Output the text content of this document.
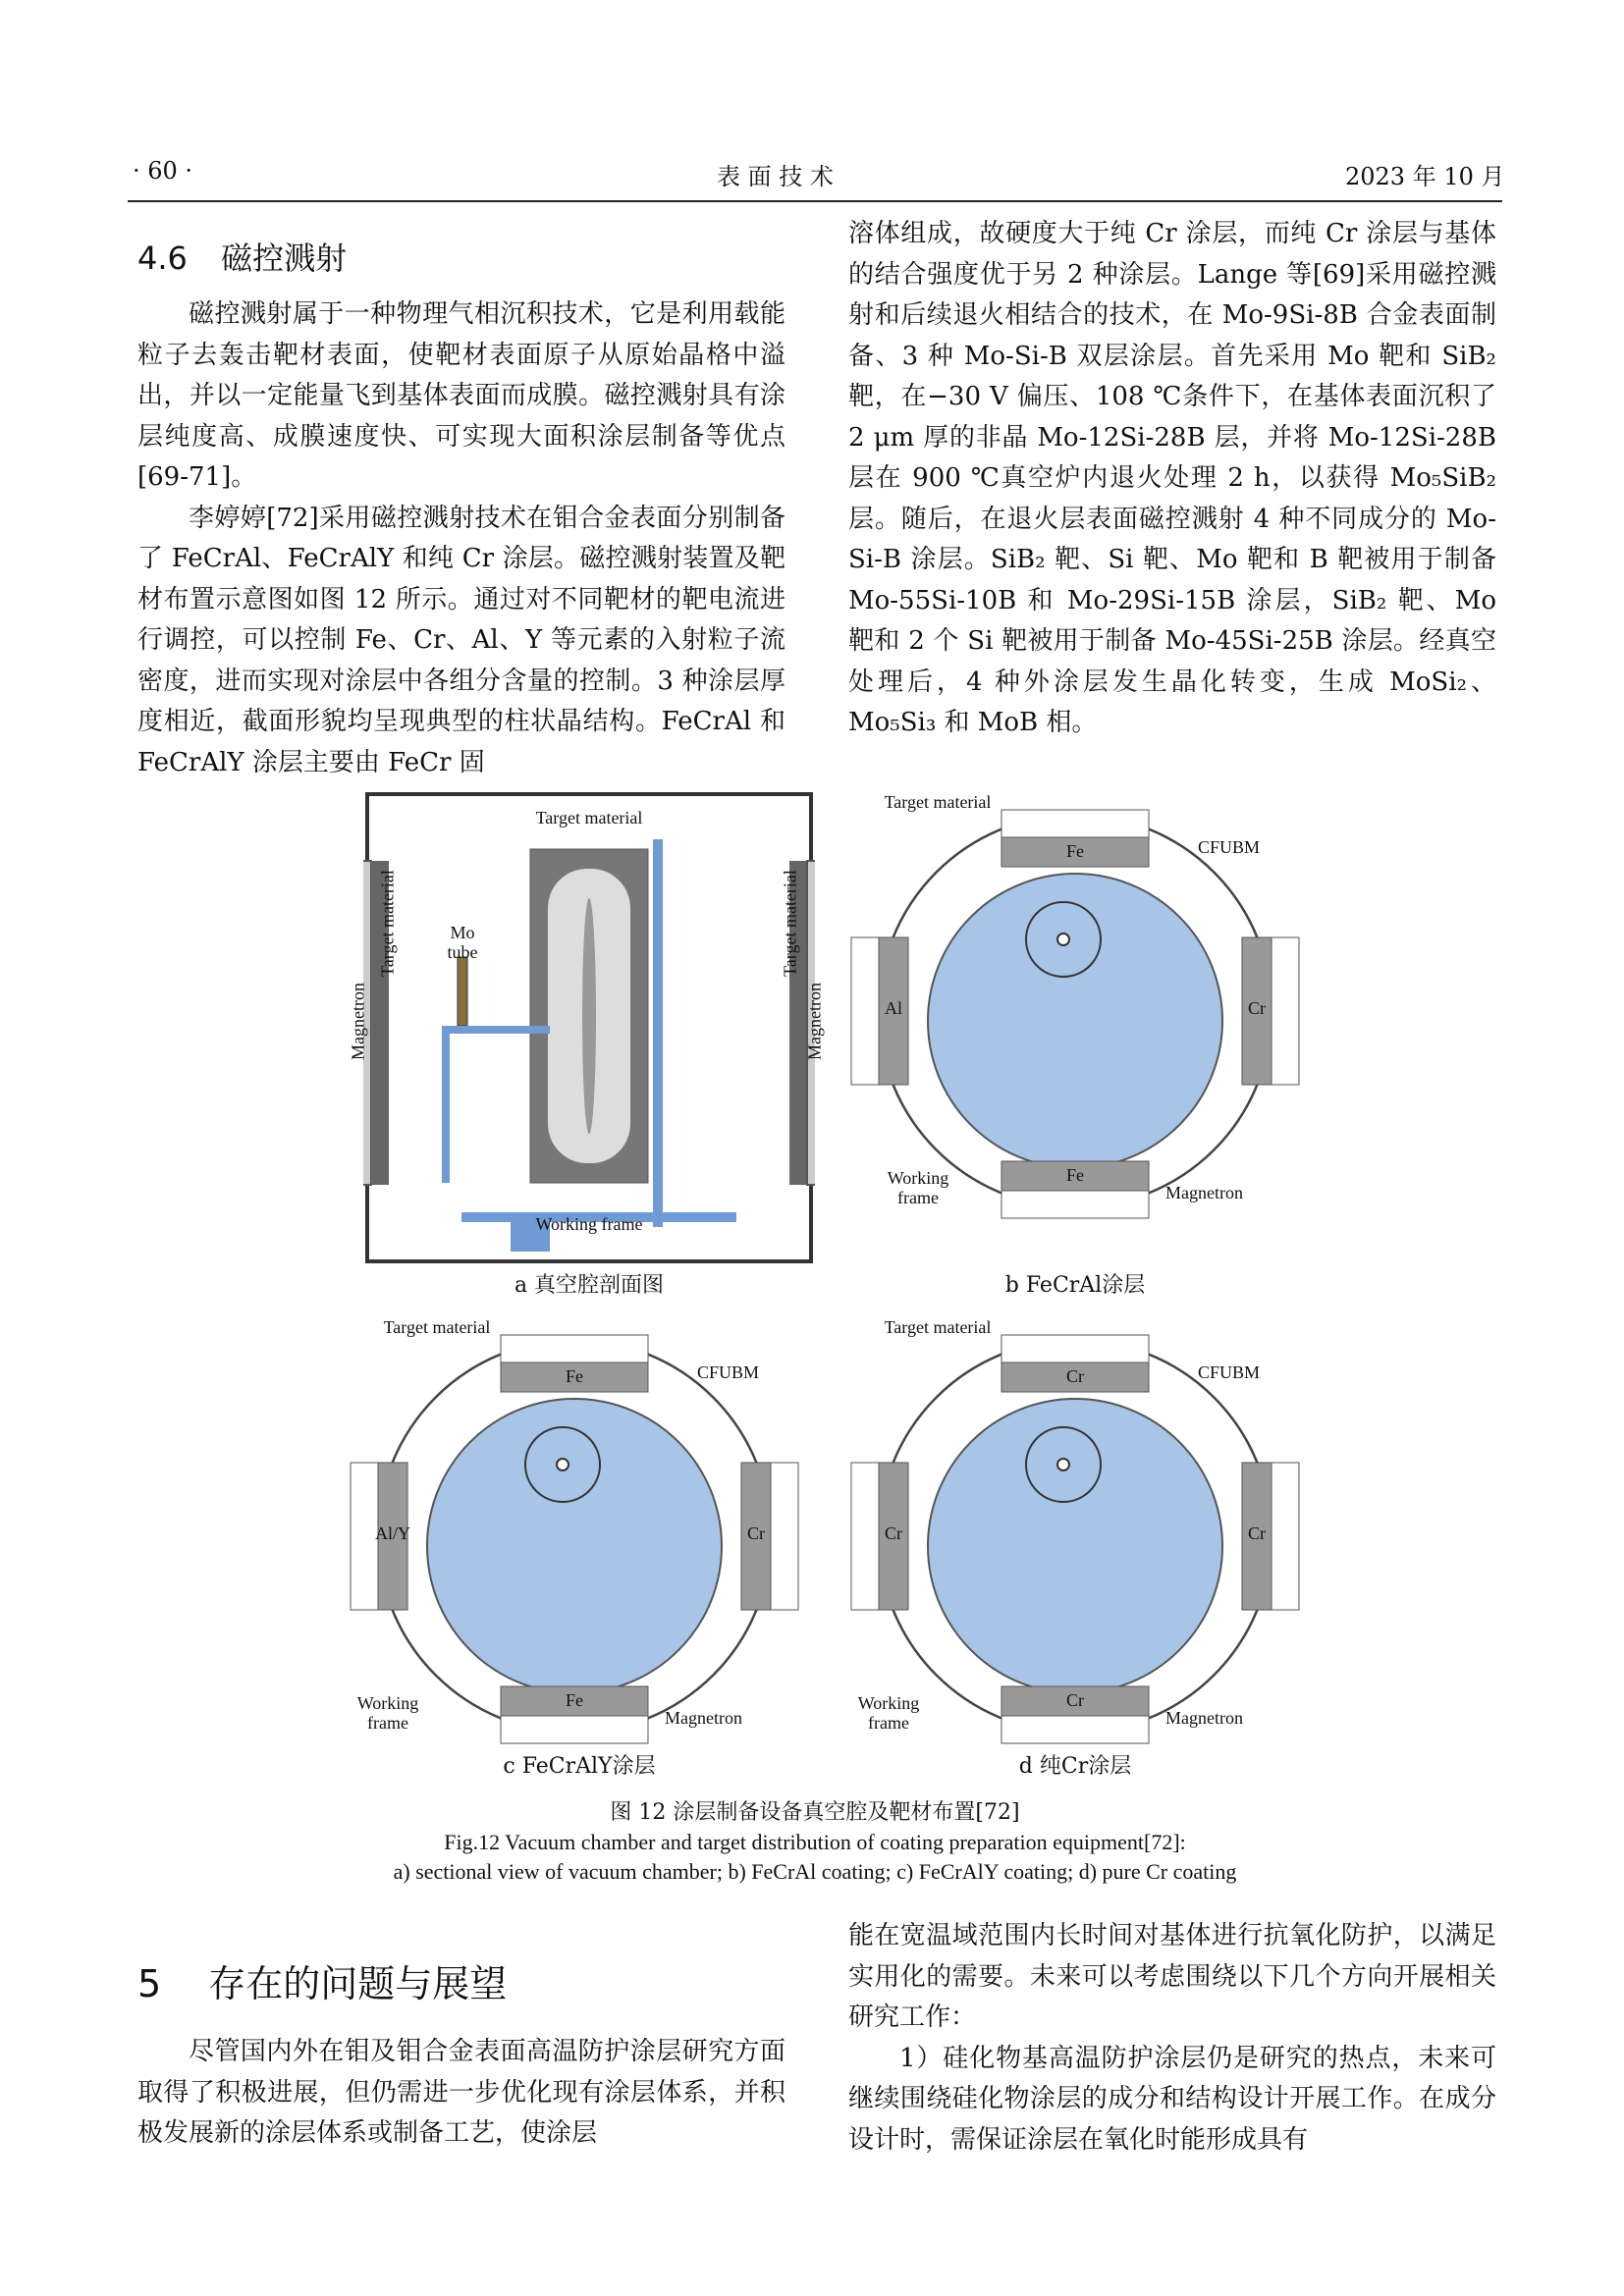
· 60 ·	表 面 技 术	2023 年 10 月
4.6 磁控溅射

磁控溅射属于一种物理气相沉积技术，它是利用载能粒子去轰击靶材表面，使靶材表面原子从原始晶格中溢出，并以一定能量飞到基体表面而成膜。磁控溅射具有涂层纯度高、成膜速度快、可实现大面积涂层制备等优点[69-71]。

李婷婷[72]采用磁控溅射技术在钼合金表面分别制备了 FeCrAl、FeCrAlY 和纯 Cr 涂层。磁控溅射装置及靶材布置示意图如图 12 所示。通过对不同靶材的靶电流进行调控，可以控制 Fe、Cr、Al、Y 等元素的入射粒子流密度，进而实现对涂层中各组分含量的控制。3 种涂层厚度相近，截面形貌均呈现典型的柱状晶结构。FeCrAl 和 FeCrAlY 涂层主要由 FeCr 固

溶体组成，故硬度大于纯 Cr 涂层，而纯 Cr 涂层与基体的结合强度优于另 2 种涂层。Lange 等[69]采用磁控溅射和后续退火相结合的技术，在 Mo-9Si-8B 合金表面制备、3 种 Mo-Si-B 双层涂层。首先采用 Mo 靶和 SiB₂ 靶，在−30 V 偏压、108 ℃条件下，在基体表面沉积了 2 μm 厚的非晶 Mo-12Si-28B 层，并将 Mo-12Si-28B 层在 900 ℃真空炉内退火处理 2 h，以获得 Mo₅SiB₂ 层。随后，在退火层表面磁控溅射 4 种不同成分的 Mo-Si-B 涂层。SiB₂ 靶、Si 靶、Mo 靶和 B 靶被用于制备 Mo-55Si-10B 和 Mo-29Si-15B 涂层，SiB₂ 靶、Mo 靶和 2 个 Si 靶被用于制备 Mo-45Si-25B 涂层。经真空处理后，4 种外涂层发生晶化转变，生成 MoSi₂、Mo₅Si₃ 和 MoB 相。

Target material
Mo tube
Working frame
Magnetron
Target material
Magnetron
Target material
a 真空腔剖面图
Target material
CFUBM
Fe
Fe
Al	Cr
Working frame	Magnetron
b FeCrAl涂层
Target material
CFUBM
Fe
Fe
Al/Y	Cr
Working frame	Magnetron
c FeCrAlY涂层
Target material
CFUBM
Cr
Cr
Cr	Cr
Working frame	Magnetron
d 纯Cr涂层
图 12 涂层制备设备真空腔及靶材布置[72]
Fig.12 Vacuum chamber and target distribution of coating preparation equipment[72]:
a) sectional view of vacuum chamber; b) FeCrAl coating; c) FeCrAlY coating; d) pure Cr coating
5 存在的问题与展望

尽管国内外在钼及钼合金表面高温防护涂层研究方面取得了积极进展，但仍需进一步优化现有涂层体系，并积极发展新的涂层体系或制备工艺，使涂层

能在宽温域范围内长时间对基体进行抗氧化防护，以满足实用化的需要。未来可以考虑围绕以下几个方向开展相关研究工作：

1）硅化物基高温防护涂层仍是研究的热点，未来可继续围绕硅化物涂层的成分和结构设计开展工作。在成分设计时，需保证涂层在氧化时能形成具有
